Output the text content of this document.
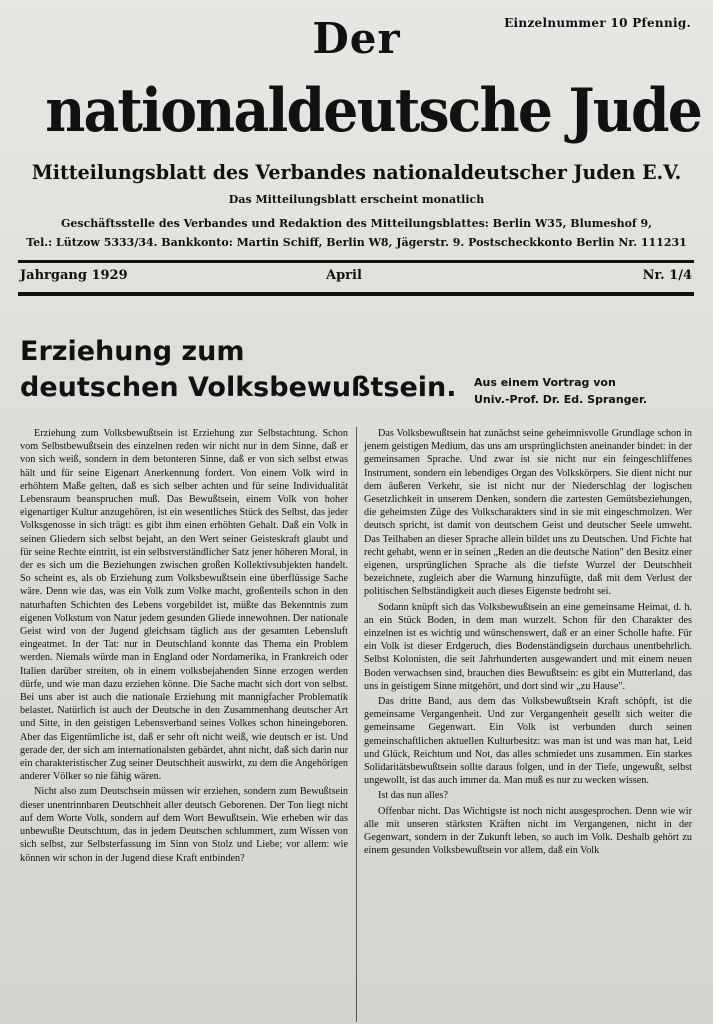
Einzelnummer 10 Pfennig.
Der
nationaldeutsche Jude
Mitteilungsblatt des Verbandes nationaldeutscher Juden E.V.
Das Mitteilungsblatt erscheint monatlich
Geschäftsstelle des Verbandes und Redaktion des Mitteilungsblattes: Berlin W35, Blumeshof 9,
Tel.: Lützow 5333/34. Bankkonto: Martin Schiff, Berlin W8, Jägerstr. 9. Postscheckkonto Berlin Nr. 111231
Jahrgang 1929	April	Nr. 1/4
Erziehung zum
deutschen Volksbewußtsein.	Aus einem Vortrag von
Univ.-Prof. Dr. Ed. Spranger.

Erziehung zum Volksbewußtsein ist Erziehung zur Selbstachtung. Schon vom Selbstbewußtsein des einzelnen reden wir nicht nur in dem Sinne, daß er von sich weiß, sondern in dem betonteren Sinne, daß er von sich selbst etwas hält und für seine Eigenart Anerkennung fordert. Von einem Volk wird in erhöhtem Maße gelten, daß es sich selber achten und für seine Individualität Lebensraum beanspruchen muß. Das Bewußtsein, einem Volk von hoher eigenartiger Kultur anzugehören, ist ein wesentliches Stück des Selbst, das jeder Volksgenosse in sich trägt: es gibt ihm einen erhöhten Gehalt. Daß ein Volk in seinen Gliedern sich selbst bejaht, an den Wert seiner Geisteskraft glaubt und für seine Rechte eintritt, ist ein selbstverständlicher Satz jener höheren Moral, in der es sich um die Beziehungen zwischen großen Kollektivsubjekten handelt. So scheint es, als ob Erziehung zum Volksbewußtsein eine überflüssige Sache wäre. Denn wie das, was ein Volk zum Volke macht, großenteils schon in den naturhaften Schichten des Lebens vorgebildet ist, müßte das Bekenntnis zum eigenen Volkstum von Natur jedem gesunden Gliede innewohnen. Der nationale Geist wird von der Jugend gleichsam täglich aus der gesamten Lebensluft eingeatmet. In der Tat: nur in Deutschland konnte das Thema ein Problem werden. Niemals würde man in England oder Nordamerika, in Frankreich oder Italien darüber streiten, ob in einem volksbejahenden Sinne erzogen werden dürfe, und wie man dazu erziehen könne. Die Sache macht sich dort von selbst. Bei uns aber ist auch die nationale Erziehung mit mannigfacher Problematik belastet. Natürlich ist auch der Deutsche in den Zusammenhang deutscher Art und Sitte, in den geistigen Lebensverband seines Volkes schon hineingeboren. Aber das Eigentümliche ist, daß er sehr oft nicht weiß, wie deutsch er ist. Und gerade der, der sich am internationalsten gebärdet, ahnt nicht, daß sich darin nur ein charakteristischer Zug seiner Deutschheit auswirkt, zu dem die Angehörigen anderer Völker so nie fähig wären.

Nicht also zum Deutschsein müssen wir erziehen, sondern zum Bewußtsein dieser unentrinnbaren Deutschheit aller deutsch Geborenen. Der Ton liegt nicht auf dem Worte Volk, sondern auf dem Wort Bewußtsein. Wie erheben wir das unbewußte Deutschtum, das in jedem Deutschen schlummert, zum Wissen von sich selbst, zur Selbsterfassung im Sinn von Stolz und Liebe; vor allem: wie können wir schon in der Jugend diese Kraft entbinden?

Das Volksbewußtsein hat zunächst seine geheimnisvolle Grundlage schon in jenem geistigen Medium, das uns am ursprünglichsten aneinander bindet: in der gemeinsamen Sprache. Und zwar ist sie nicht nur ein feingeschliffenes Instrument, sondern ein lebendiges Organ des Volkskörpers. Sie dient nicht nur dem äußeren Verkehr, sie ist nicht nur der Niederschlag der logischen Gesetzlichkeit in unserem Denken, sondern die zartesten Gemütsbeziehungen, die geheimsten Züge des Volkscharakters sind in sie mit eingeschmolzen. Wer deutsch spricht, ist damit von deutschem Geist und deutscher Seele umweht. Das Teilhaben an dieser Sprache allein bildet uns zu Deutschen. Und Fichte hat recht gehabt, wenn er in seinen „Reden an die deutsche Nation" den Besitz einer eigenen, ursprünglichen Sprache als die tiefste Wurzel der Deutschheit bezeichnete, zugleich aber die Warnung hinzufügte, daß mit dem Verlust der politischen Selbständigkeit auch dieses Eigenste bedroht sei.

Sodann knüpft sich das Volksbewußtsein an eine gemeinsame Heimat, d. h. an ein Stück Boden, in dem man wurzelt. Schon für den Charakter des einzelnen ist es wichtig und wünschenswert, daß er an einer Scholle hafte. Für ein Volk ist dieser Erdgeruch, dies Bodenständigsein durchaus unentbehrlich. Selbst Kolonisten, die seit Jahrhunderten ausgewandert und mit einem neuen Boden verwachsen sind, brauchen dies Bewußtsein: es gibt ein Mutterland, das uns in geistigem Sinne mitgehört, und dort sind wir „zu Hause".

Das dritte Band, aus dem das Volksbewußtsein Kraft schöpft, ist die gemeinsame Vergangenheit. Und zur Vergangenheit gesellt sich weiter die gemeinsame Gegenwart. Ein Volk ist verbunden durch seinen gemeinschaftlichen aktuellen Kulturbesitz: was man ist und was man hat, Leid und Glück, Reichtum und Not, das alles schmiedet uns zusammen. Ein starkes Solidaritätsbewußtsein sollte daraus folgen, und in der Tiefe, ungewußt, selbst ungewollt, ist das auch immer da. Man muß es nur zu wecken wissen.

Ist das nun alles?

Offenbar nicht. Das Wichtigste ist noch nicht ausgesprochen. Denn wie wir alle mit unseren stärksten Kräften nicht im Vergangenen, nicht in der Gegenwart, sondern in der Zukunft leben, so auch im Volk. Deshalb gehört zu einem gesunden Volksbewußtsein vor allem, daß ein Volk
